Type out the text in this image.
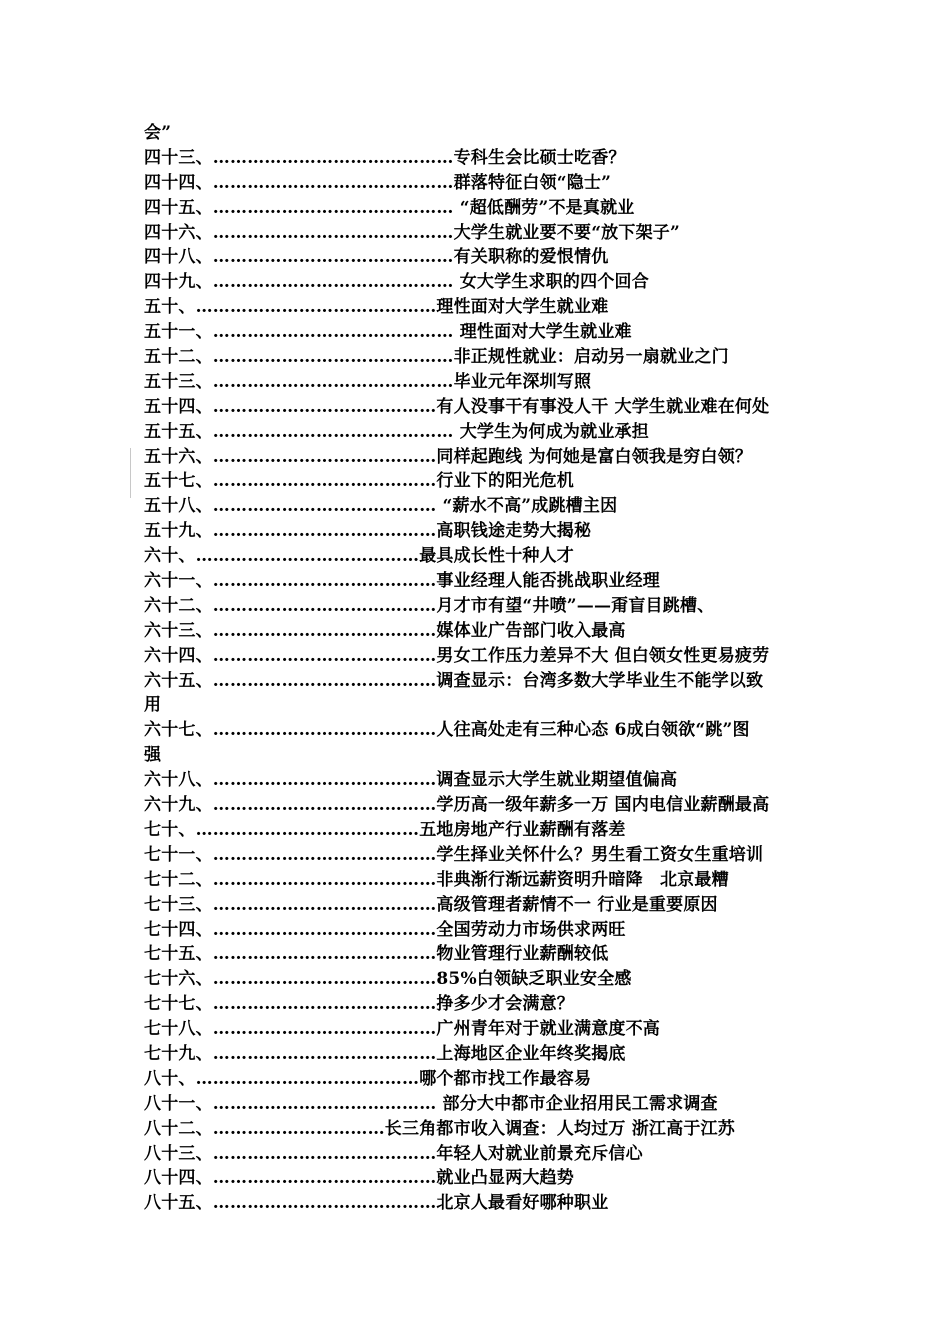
会”
四十三、……………………………………专科生会比硕士吃香？
四十四、……………………………………群落特征白领“隐士”
四十五、…………………………………… “超低酬劳”不是真就业
四十六、……………………………………大学生就业要不要“放下架子”
四十八、……………………………………有关职称的爱恨情仇
四十九、…………………………………… 女大学生求职的四个回合
五十、……………………………………理性面对大学生就业难
五十一、…………………………………… 理性面对大学生就业难
五十二、……………………………………非正规性就业：启动另一扇就业之门
五十三、……………………………………毕业元年深圳写照
五十四、…………………………………有人没事干有事没人干 大学生就业难在何处
五十五、…………………………………… 大学生为何成为就业承担
五十六、…………………………………同样起跑线 为何她是富白领我是穷白领？
五十七、…………………………………行业下的阳光危机
五十八、………………………………… “薪水不高”成跳槽主因
五十九、…………………………………高职钱途走势大揭秘
六十、…………………………………最具成长性十种人才
六十一、…………………………………事业经理人能否挑战职业经理
六十二、…………………………………月才市有望“井喷”——甭盲目跳槽、
六十三、…………………………………媒体业广告部门收入最高
六十四、…………………………………男女工作压力差异不大 但白领女性更易疲劳
六十五、…………………………………调查显示：台湾多数大学毕业生不能学以致
用
六十七、…………………………………人往高处走有三种心态 6成白领欲“跳”图
强
六十八、…………………………………调查显示大学生就业期望值偏高
六十九、…………………………………学历高一级年薪多一万 国内电信业薪酬最高
七十、…………………………………五地房地产行业薪酬有落差
七十一、…………………………………学生择业关怀什么？男生看工资女生重培训
七十二、…………………………………非典渐行渐远薪资明升暗降　北京最糟
七十三、…………………………………高级管理者薪情不一 行业是重要原因
七十四、…………………………………全国劳动力市场供求两旺
七十五、…………………………………物业管理行业薪酬较低
七十六、…………………………………85%白领缺乏职业安全感
七十七、…………………………………挣多少才会满意？
七十八、…………………………………广州青年对于就业满意度不高
七十九、…………………………………上海地区企业年终奖揭底
八十、…………………………………哪个都市找工作最容易
八十一、………………………………… 部分大中都市企业招用民工需求调查
八十二、…………………………长三角都市收入调查：人均过万 浙江高于江苏
八十三、…………………………………年轻人对就业前景充斥信心
八十四、…………………………………就业凸显两大趋势
八十五、…………………………………北京人最看好哪种职业
